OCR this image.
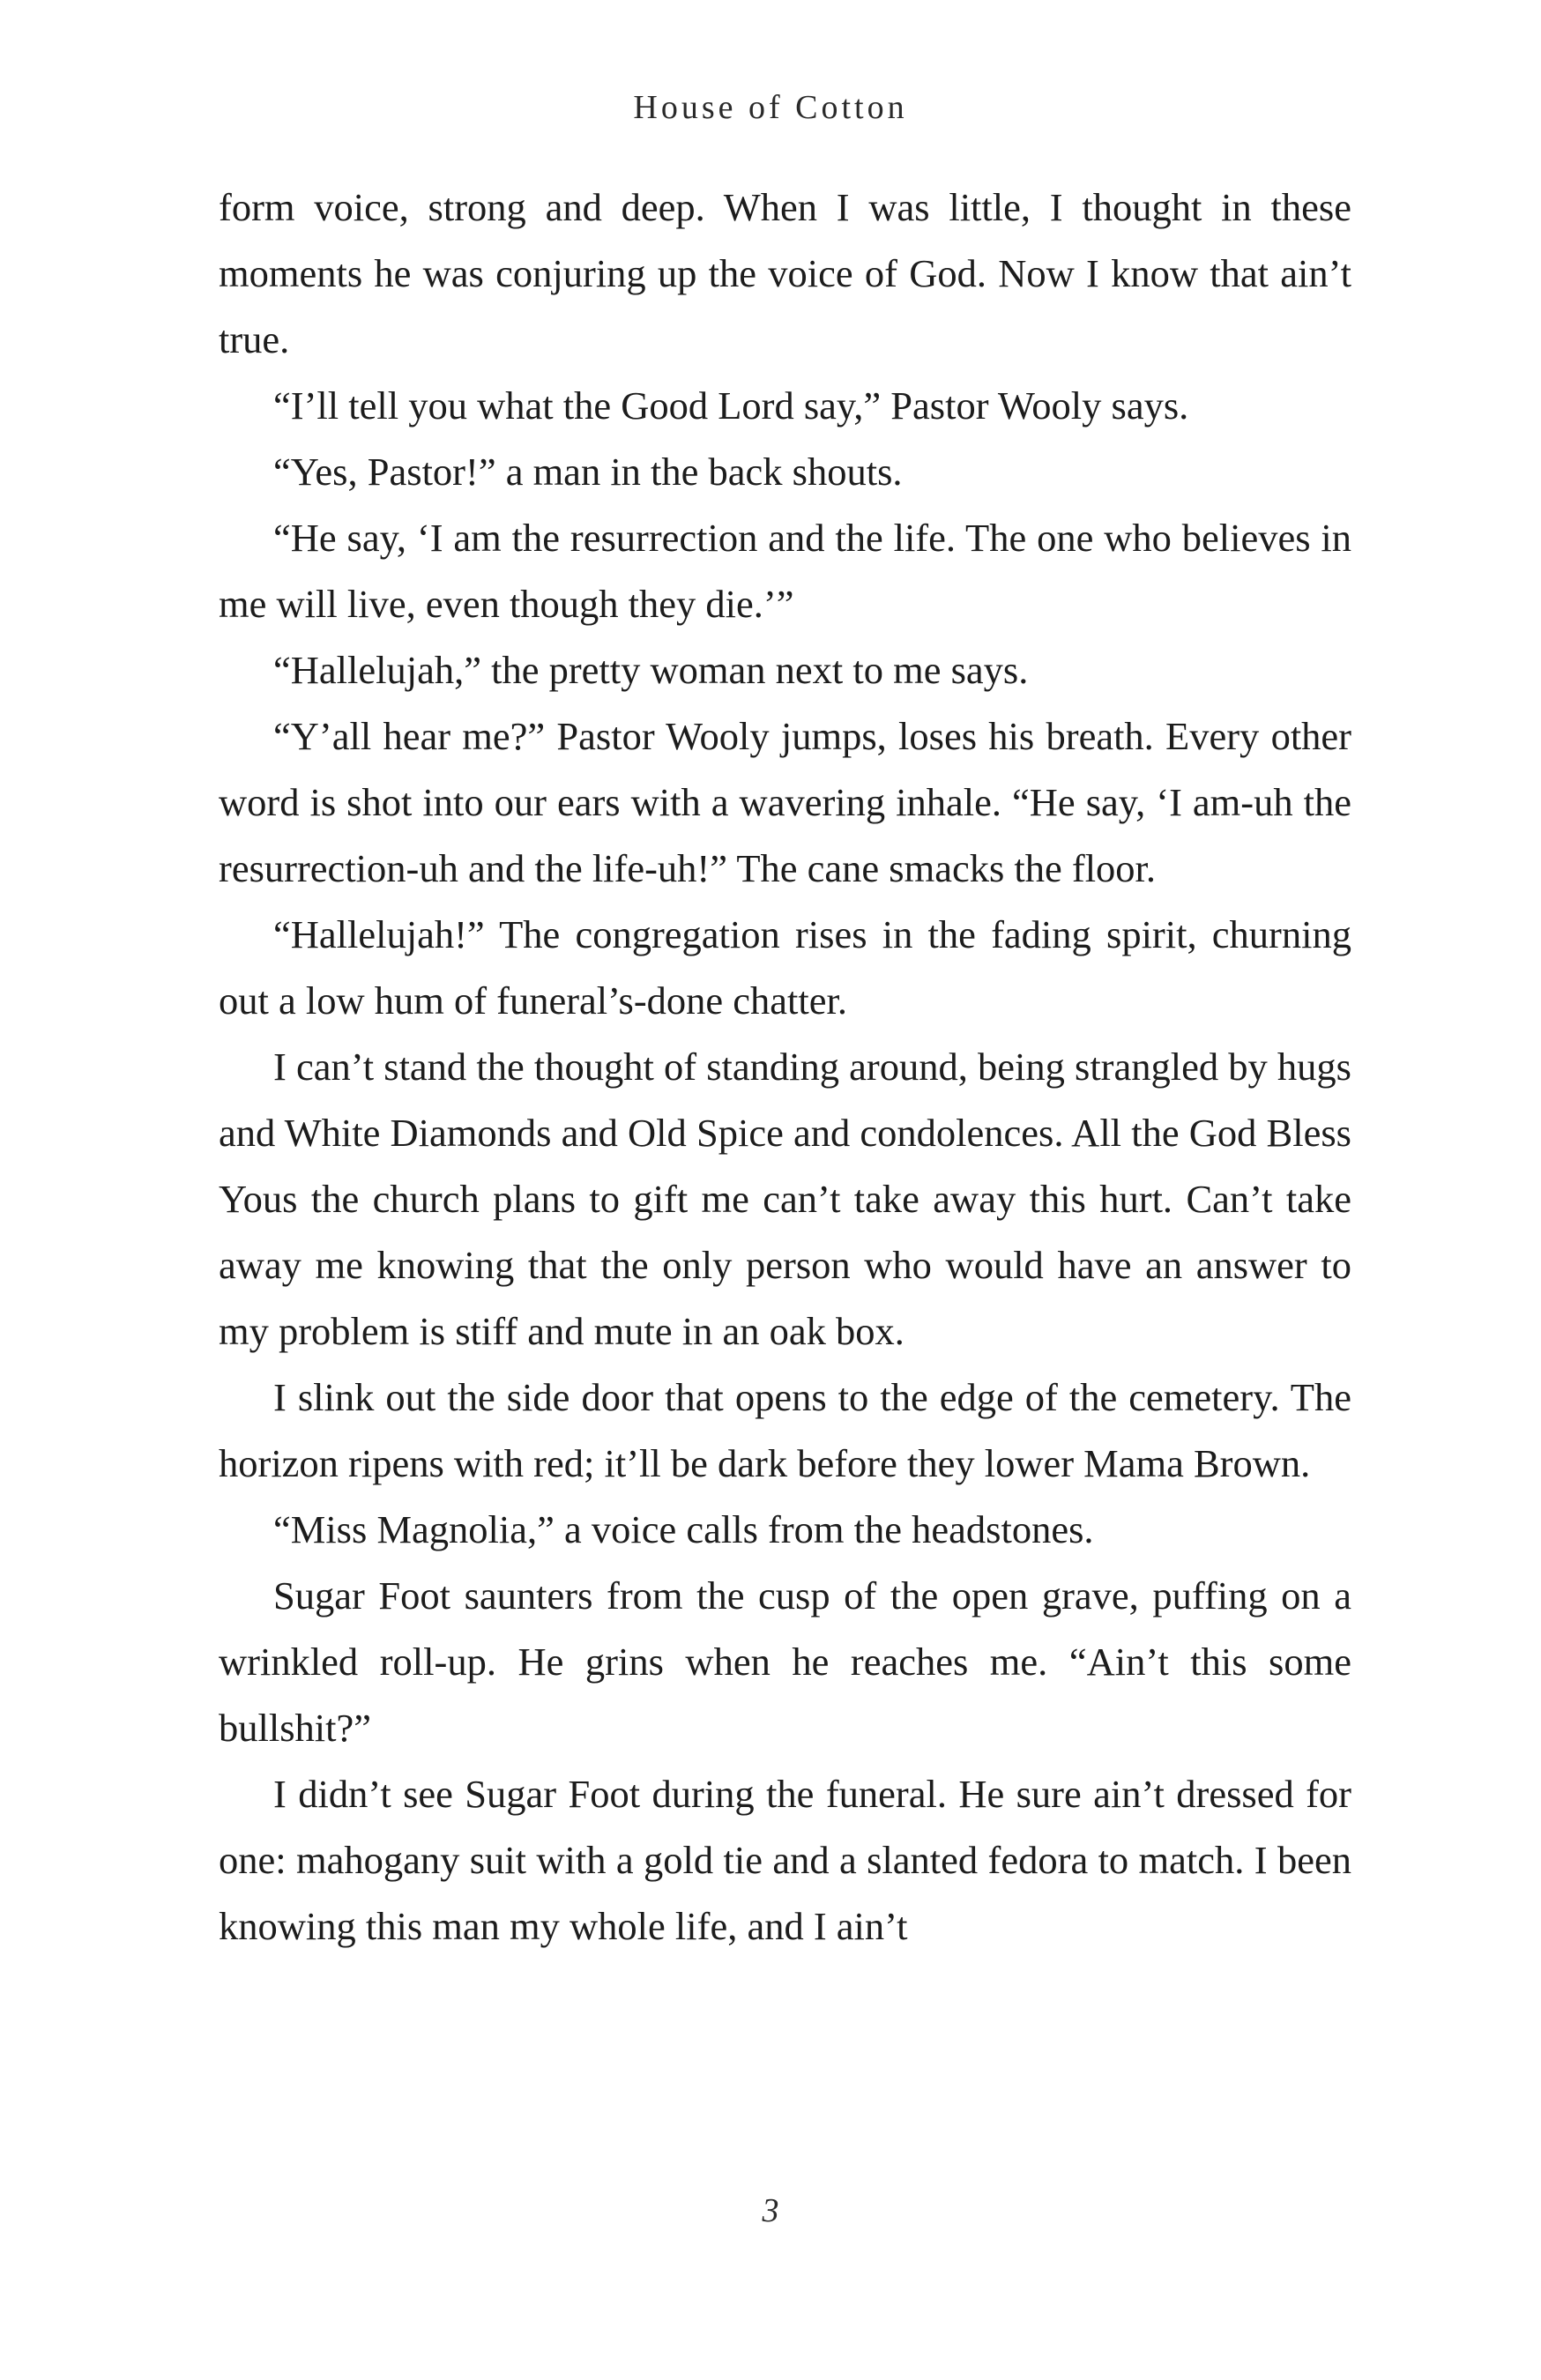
House of Cotton

form voice, strong and deep. When I was little, I thought in these moments he was conjuring up the voice of God. Now I know that ain’t true.

“I’ll tell you what the Good Lord say,” Pastor Wooly says.

“Yes, Pastor!” a man in the back shouts.

“He say, ‘I am the resurrection and the life. The one who believes in me will live, even though they die.’”

“Hallelujah,” the pretty woman next to me says.

“Y’all hear me?” Pastor Wooly jumps, loses his breath. Every other word is shot into our ears with a wavering inhale. “He say, ‘I am-uh the resurrection-uh and the life-uh!” The cane smacks the floor.

“Hallelujah!” The congregation rises in the fading spirit, churning out a low hum of funeral’s-done chatter.

I can’t stand the thought of standing around, being strangled by hugs and White Diamonds and Old Spice and condolences. All the God Bless Yous the church plans to gift me can’t take away this hurt. Can’t take away me knowing that the only person who would have an answer to my problem is stiff and mute in an oak box.

I slink out the side door that opens to the edge of the cemetery. The horizon ripens with red; it’ll be dark before they lower Mama Brown.

“Miss Magnolia,” a voice calls from the headstones.

Sugar Foot saunters from the cusp of the open grave, puffing on a wrinkled roll-up. He grins when he reaches me. “Ain’t this some bullshit?”

I didn’t see Sugar Foot during the funeral. He sure ain’t dressed for one: mahogany suit with a gold tie and a slanted fedora to match. I been knowing this man my whole life, and I ain’t

3
